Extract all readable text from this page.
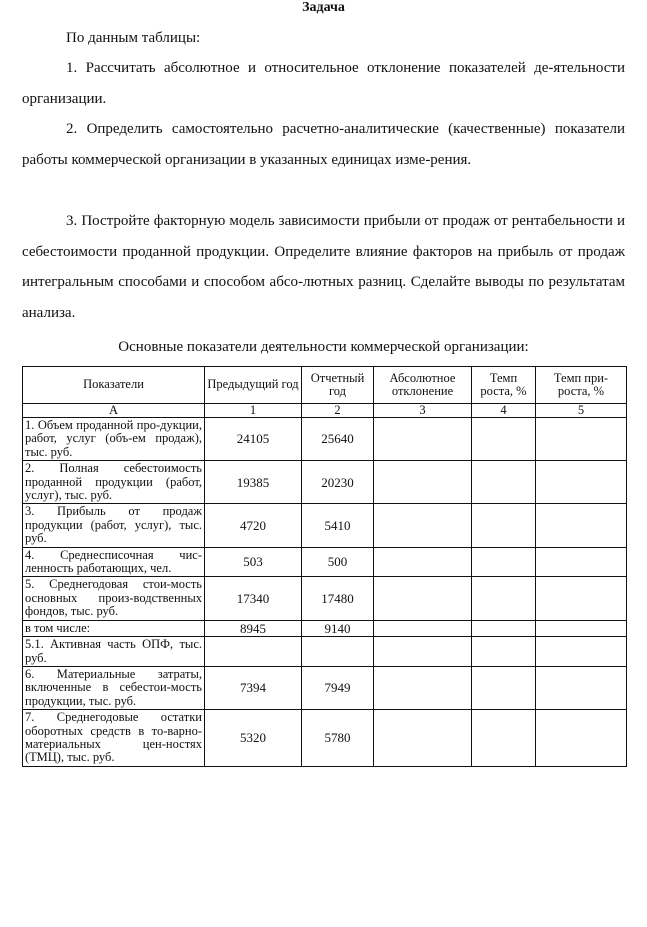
Задача
По данным таблицы:
1. Рассчитать абсолютное и относительное отклонение показателей де-ятельности организации.
2. Определить самостоятельно расчетно-аналитические (качественные) показатели работы коммерческой организации в указанных единицах изме-рения.
3. Постройте факторную модель зависимости прибыли от продаж от рентабельности и себестоимости проданной продукции. Определите влияние факторов на прибыль от продаж интегральным способами и способом абсо-лютных разниц. Сделайте выводы по результатам анализа.
Основные показатели деятельности коммерческой организации:
Показатели	Предыдущий год	Отчетный год	Абсолютное отклонение	Темп роста, %	Темп при-роста, %
А	1	2	3	4	5
1. Объем проданной про-дукции, работ, услуг (объ-ем продаж), тыс. руб.	24105	25640			
2. Полная себестоимость проданной продукции (работ, услуг), тыс. руб.	19385	20230			
3. Прибыль от продаж продукции (работ, услуг), тыс. руб.	4720	5410			
4. Среднесписочная чис-ленность работающих, чел.	503	500			
5. Среднегодовая стои-мость основных произ-водственных фондов, тыс. руб.	17340	17480			
в том числе:	8945	9140			
5.1. Активная часть ОПФ, тыс. руб.					
6. Материальные затраты, включенные в себестои-мость продукции, тыс. руб.	7394	7949			
7. Среднегодовые остатки оборотных средств в то-варно-материальных цен-ностях (ТМЦ), тыс. руб.	5320	5780			
